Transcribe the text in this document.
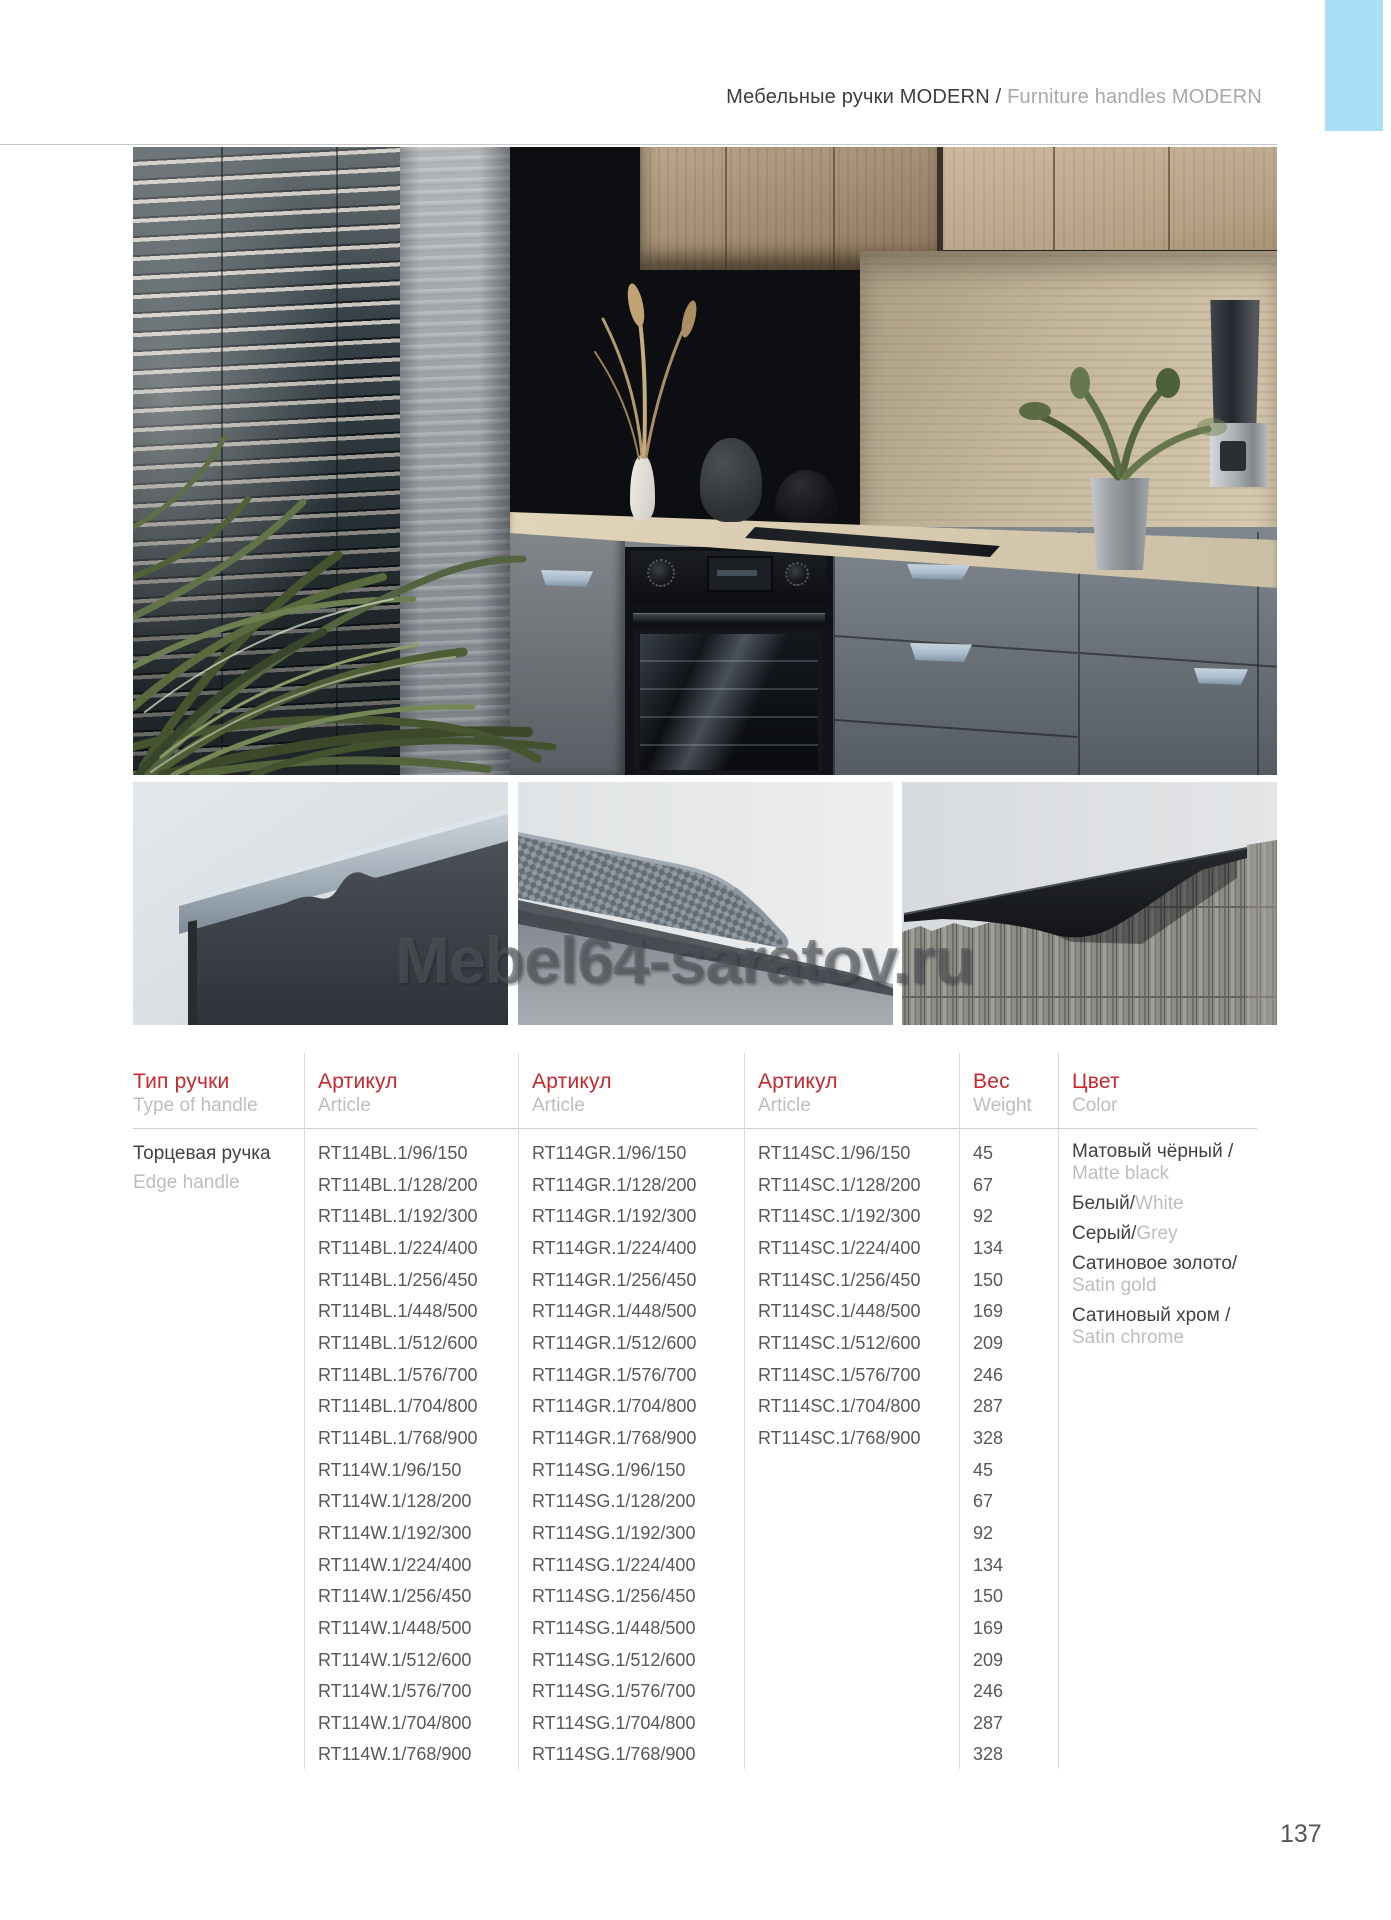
Мебельные ручки MODERN / Furniture handles MODERN
Mebel64-saratov.ru
Тип ручки
Type of handle
Артикул
Article
Артикул
Article
Артикул
Article
Вес
Weight
Цвет
Color
Торцевая ручка
Edge handle
RT114BL.1/96/150
RT114BL.1/128/200
RT114BL.1/192/300
RT114BL.1/224/400
RT114BL.1/256/450
RT114BL.1/448/500
RT114BL.1/512/600
RT114BL.1/576/700
RT114BL.1/704/800
RT114BL.1/768/900
RT114W.1/96/150
RT114W.1/128/200
RT114W.1/192/300
RT114W.1/224/400
RT114W.1/256/450
RT114W.1/448/500
RT114W.1/512/600
RT114W.1/576/700
RT114W.1/704/800
RT114W.1/768/900
RT114GR.1/96/150
RT114GR.1/128/200
RT114GR.1/192/300
RT114GR.1/224/400
RT114GR.1/256/450
RT114GR.1/448/500
RT114GR.1/512/600
RT114GR.1/576/700
RT114GR.1/704/800
RT114GR.1/768/900
RT114SG.1/96/150
RT114SG.1/128/200
RT114SG.1/192/300
RT114SG.1/224/400
RT114SG.1/256/450
RT114SG.1/448/500
RT114SG.1/512/600
RT114SG.1/576/700
RT114SG.1/704/800
RT114SG.1/768/900
RT114SC.1/96/150
RT114SC.1/128/200
RT114SC.1/192/300
RT114SC.1/224/400
RT114SC.1/256/450
RT114SC.1/448/500
RT114SC.1/512/600
RT114SC.1/576/700
RT114SC.1/704/800
RT114SC.1/768/900
45
67
92
134
150
169
209
246
287
328
45
67
92
134
150
169
209
246
287
328
Матовый чёрный /
Matte black
Белый/White
Серый/Grey
Сатиновое золото/
Satin gold
Сатиновый хром /
Satin chrome
137
